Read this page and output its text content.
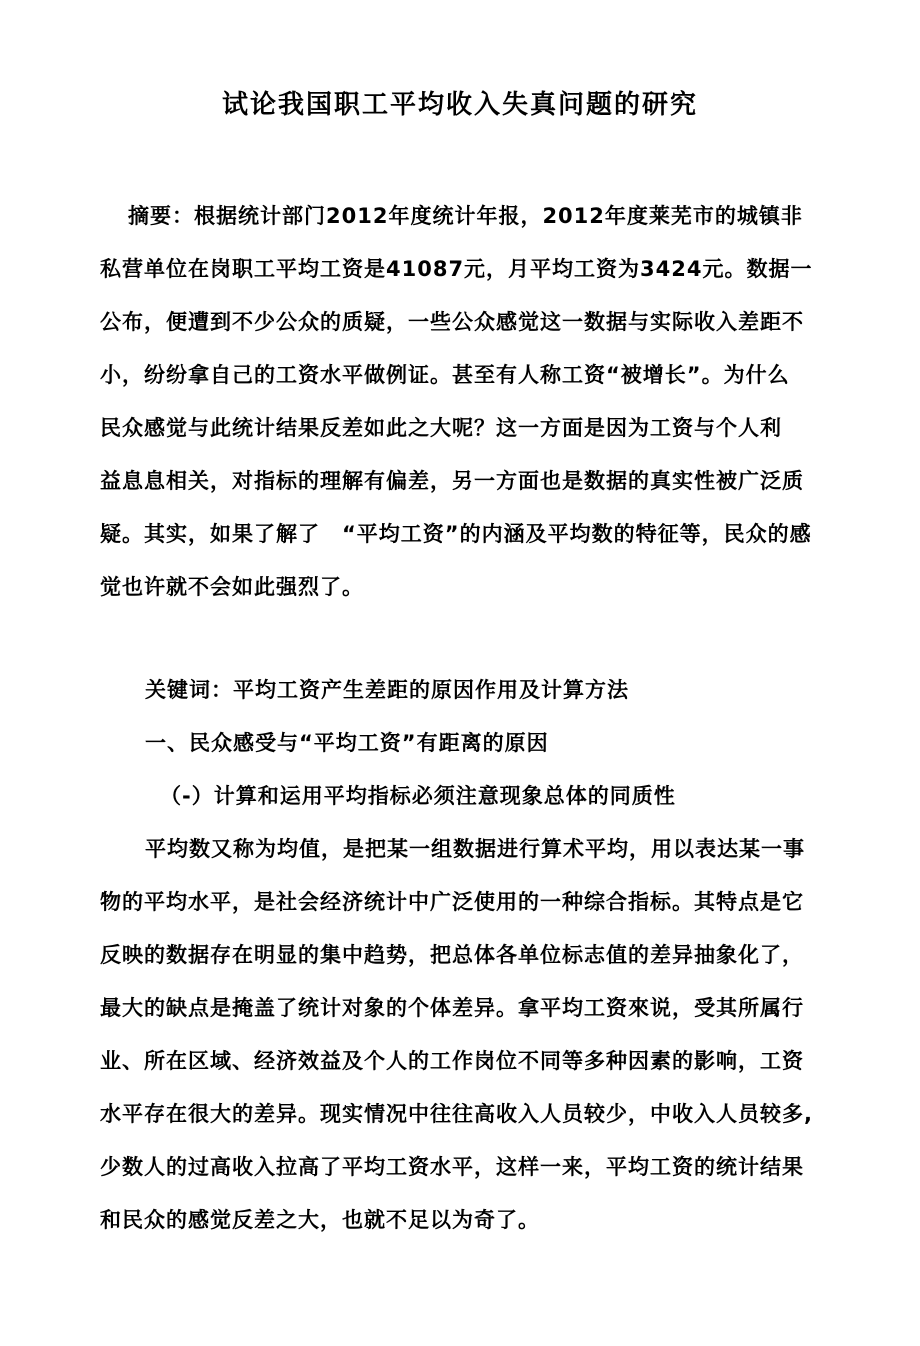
试论我国职工平均收入失真问题的研究
摘要：根据统计部门2012年度统计年报，2012年度莱芜市的城镇非
私营单位在岗职工平均工资是41087元，月平均工资为3424元。数据一
公布，便遭到不少公众的质疑，一些公众感觉这一数据与实际收入差距不
小，纷纷拿自己的工资水平做例证。甚至有人称工资“被增长”。为什么
民众感觉与此统计结果反差如此之大呢？这一方面是因为工资与个人利
益息息相关，对指标的理解有偏差，另一方面也是数据的真实性被广泛质
疑。其实，如果了解了　“平均工资”的内涵及平均数的特征等，民众的感
觉也许就不会如此强烈了。
关键词：平均工资产生差距的原因作用及计算方法
一、民众感受与“平均工资”有距离的原因
（-）计算和运用平均指标必须注意现象总体的同质性
平均数又称为均值，是把某一组数据进行算术平均，用以表达某一事
物的平均水平，是社会经济统计中广泛使用的一种综合指标。其特点是它
反映的数据存在明显的集中趋势，把总体各单位标志值的差异抽象化了，
最大的缺点是掩盖了统计对象的个体差异。拿平均工资來说，受其所属行
业、所在区域、经济效益及个人的工作岗位不同等多种因素的影响，工资
水平存在很大的差异。现实情况中往往高收入人员较少，中收入人员较多,
少数人的过高收入拉高了平均工资水平，这样一来，平均工资的统计结果
和民众的感觉反差之大，也就不足以为奇了。
